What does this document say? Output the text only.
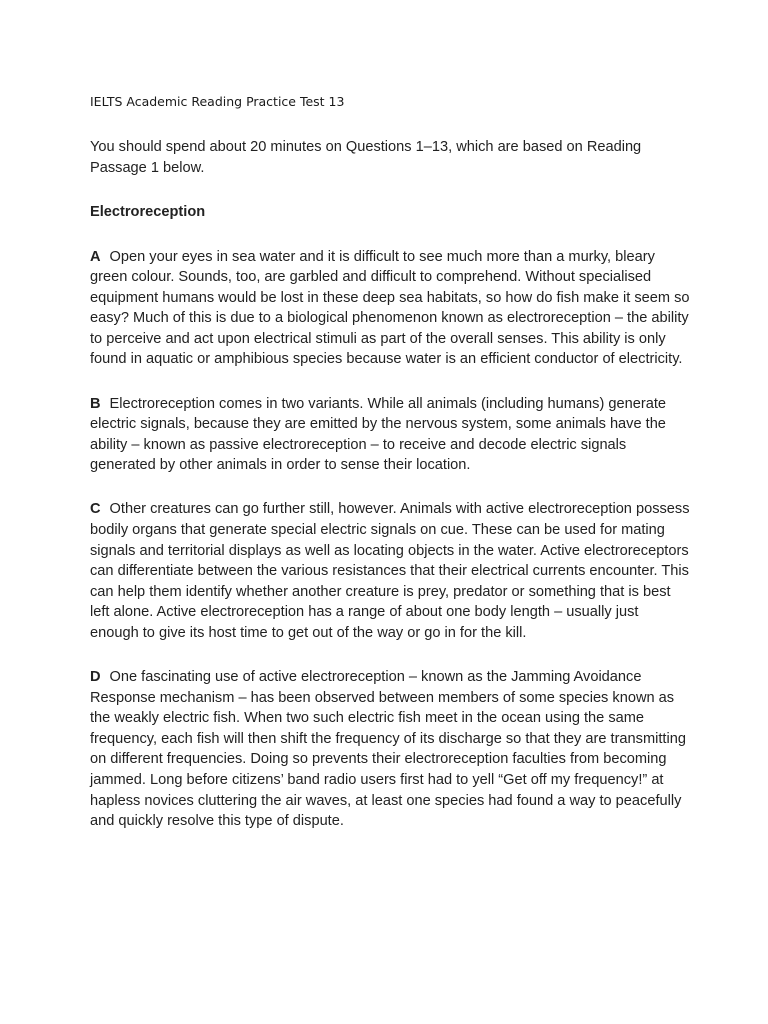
IELTS Academic Reading Practice Test 13
You should spend about 20 minutes on Questions 1–13, which are based on Reading Passage 1 below.
Electroreception
A Open your eyes in sea water and it is difficult to see much more than a murky, bleary green colour. Sounds, too, are garbled and difficult to comprehend. Without specialised equipment humans would be lost in these deep sea habitats, so how do fish make it seem so easy? Much of this is due to a biological phenomenon known as electroreception – the ability to perceive and act upon electrical stimuli as part of the overall senses. This ability is only found in aquatic or amphibious species because water is an efficient conductor of electricity.
B Electroreception comes in two variants. While all animals (including humans) generate electric signals, because they are emitted by the nervous system, some animals have the ability – known as passive electroreception – to receive and decode electric signals generated by other animals in order to sense their location.
C Other creatures can go further still, however. Animals with active electroreception possess bodily organs that generate special electric signals on cue. These can be used for mating signals and territorial displays as well as locating objects in the water. Active electroreceptors can differentiate between the various resistances that their electrical currents encounter. This can help them identify whether another creature is prey, predator or something that is best left alone. Active electroreception has a range of about one body length – usually just enough to give its host time to get out of the way or go in for the kill.
D One fascinating use of active electroreception – known as the Jamming Avoidance Response mechanism – has been observed between members of some species known as the weakly electric fish. When two such electric fish meet in the ocean using the same frequency, each fish will then shift the frequency of its discharge so that they are transmitting on different frequencies. Doing so prevents their electroreception faculties from becoming jammed. Long before citizens’ band radio users first had to yell “Get off my frequency!” at hapless novices cluttering the air waves, at least one species had found a way to peacefully and quickly resolve this type of dispute.
